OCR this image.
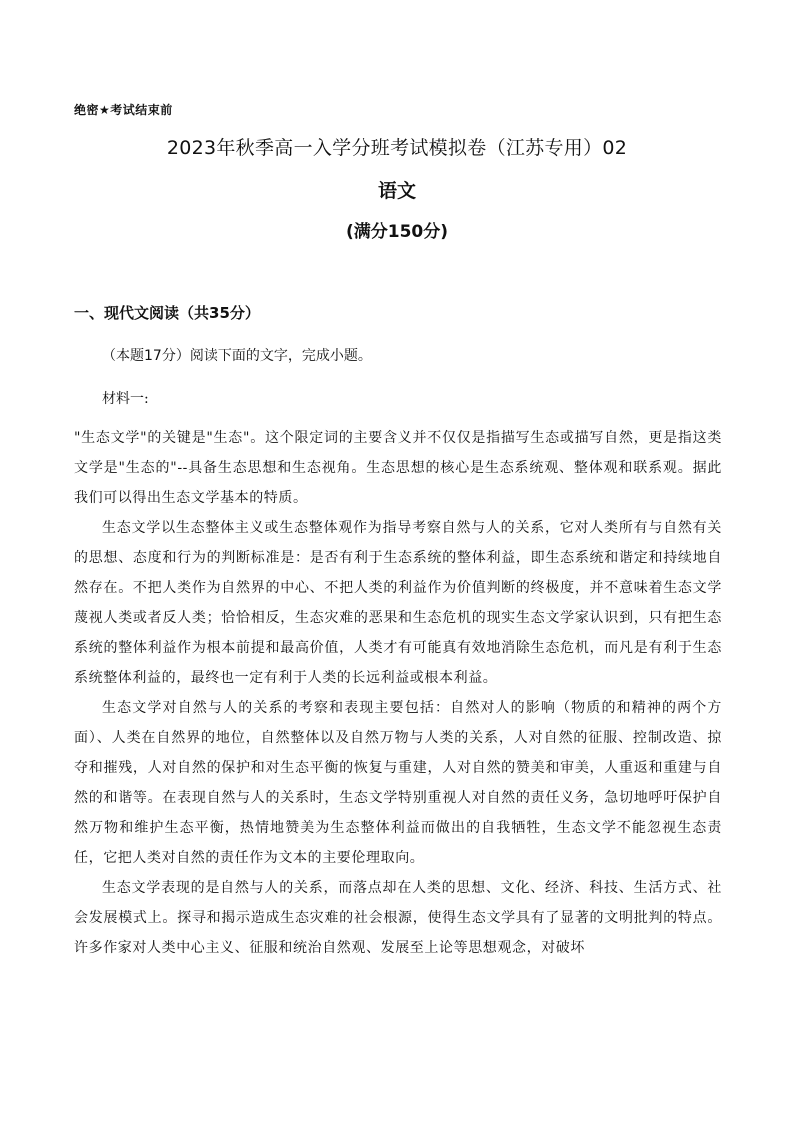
绝密★考试结束前
2023年秋季高一入学分班考试模拟卷（江苏专用）02
语文
(满分150分)
一、现代文阅读（共35分）
（本题17分）阅读下面的文字，完成小题。
材料一:

"生态文学"的关键是"生态"。这个限定词的主要含义并不仅仅是指描写生态或描写自然，更是指这类文学是"生态的"--具备生态思想和生态视角。生态思想的核心是生态系统观、整体观和联系观。据此我们可以得出生态文学基本的特质。

生态文学以生态整体主义或生态整体观作为指导考察自然与人的关系，它对人类所有与自然有关的思想、态度和行为的判断标准是：是否有利于生态系统的整体利益，即生态系统和谐定和持续地自然存在。不把人类作为自然界的中心、不把人类的利益作为价值判断的终极度，并不意味着生态文学蔑视人类或者反人类；恰恰相反，生态灾难的恶果和生态危机的现实生态文学家认识到，只有把生态系统的整体利益作为根本前提和最高价值，人类才有可能真有效地消除生态危机，而凡是有利于生态系统整体利益的，最终也一定有利于人类的长远利益或根本利益。

生态文学对自然与人的关系的考察和表现主要包括：自然对人的影响（物质的和精神的两个方面）、人类在自然界的地位，自然整体以及自然万物与人类的关系，人对自然的征服、控制改造、掠夺和摧残，人对自然的保护和对生态平衡的恢复与重建，人对自然的赞美和审美，人重返和重建与自然的和谐等。在表现自然与人的关系时，生态文学特别重视人对自然的责任义务，急切地呼吁保护自然万物和维护生态平衡，热情地赞美为生态整体利益而做出的自我牺牲，生态文学不能忽视生态责任，它把人类对自然的责任作为文本的主要伦理取向。

生态文学表现的是自然与人的关系，而落点却在人类的思想、文化、经济、科技、生活方式、社会发展模式上。探寻和揭示造成生态灾难的社会根源，使得生态文学具有了显著的文明批判的特点。许多作家对人类中心主义、征服和统治自然观、发展至上论等思想观念，对破坏
